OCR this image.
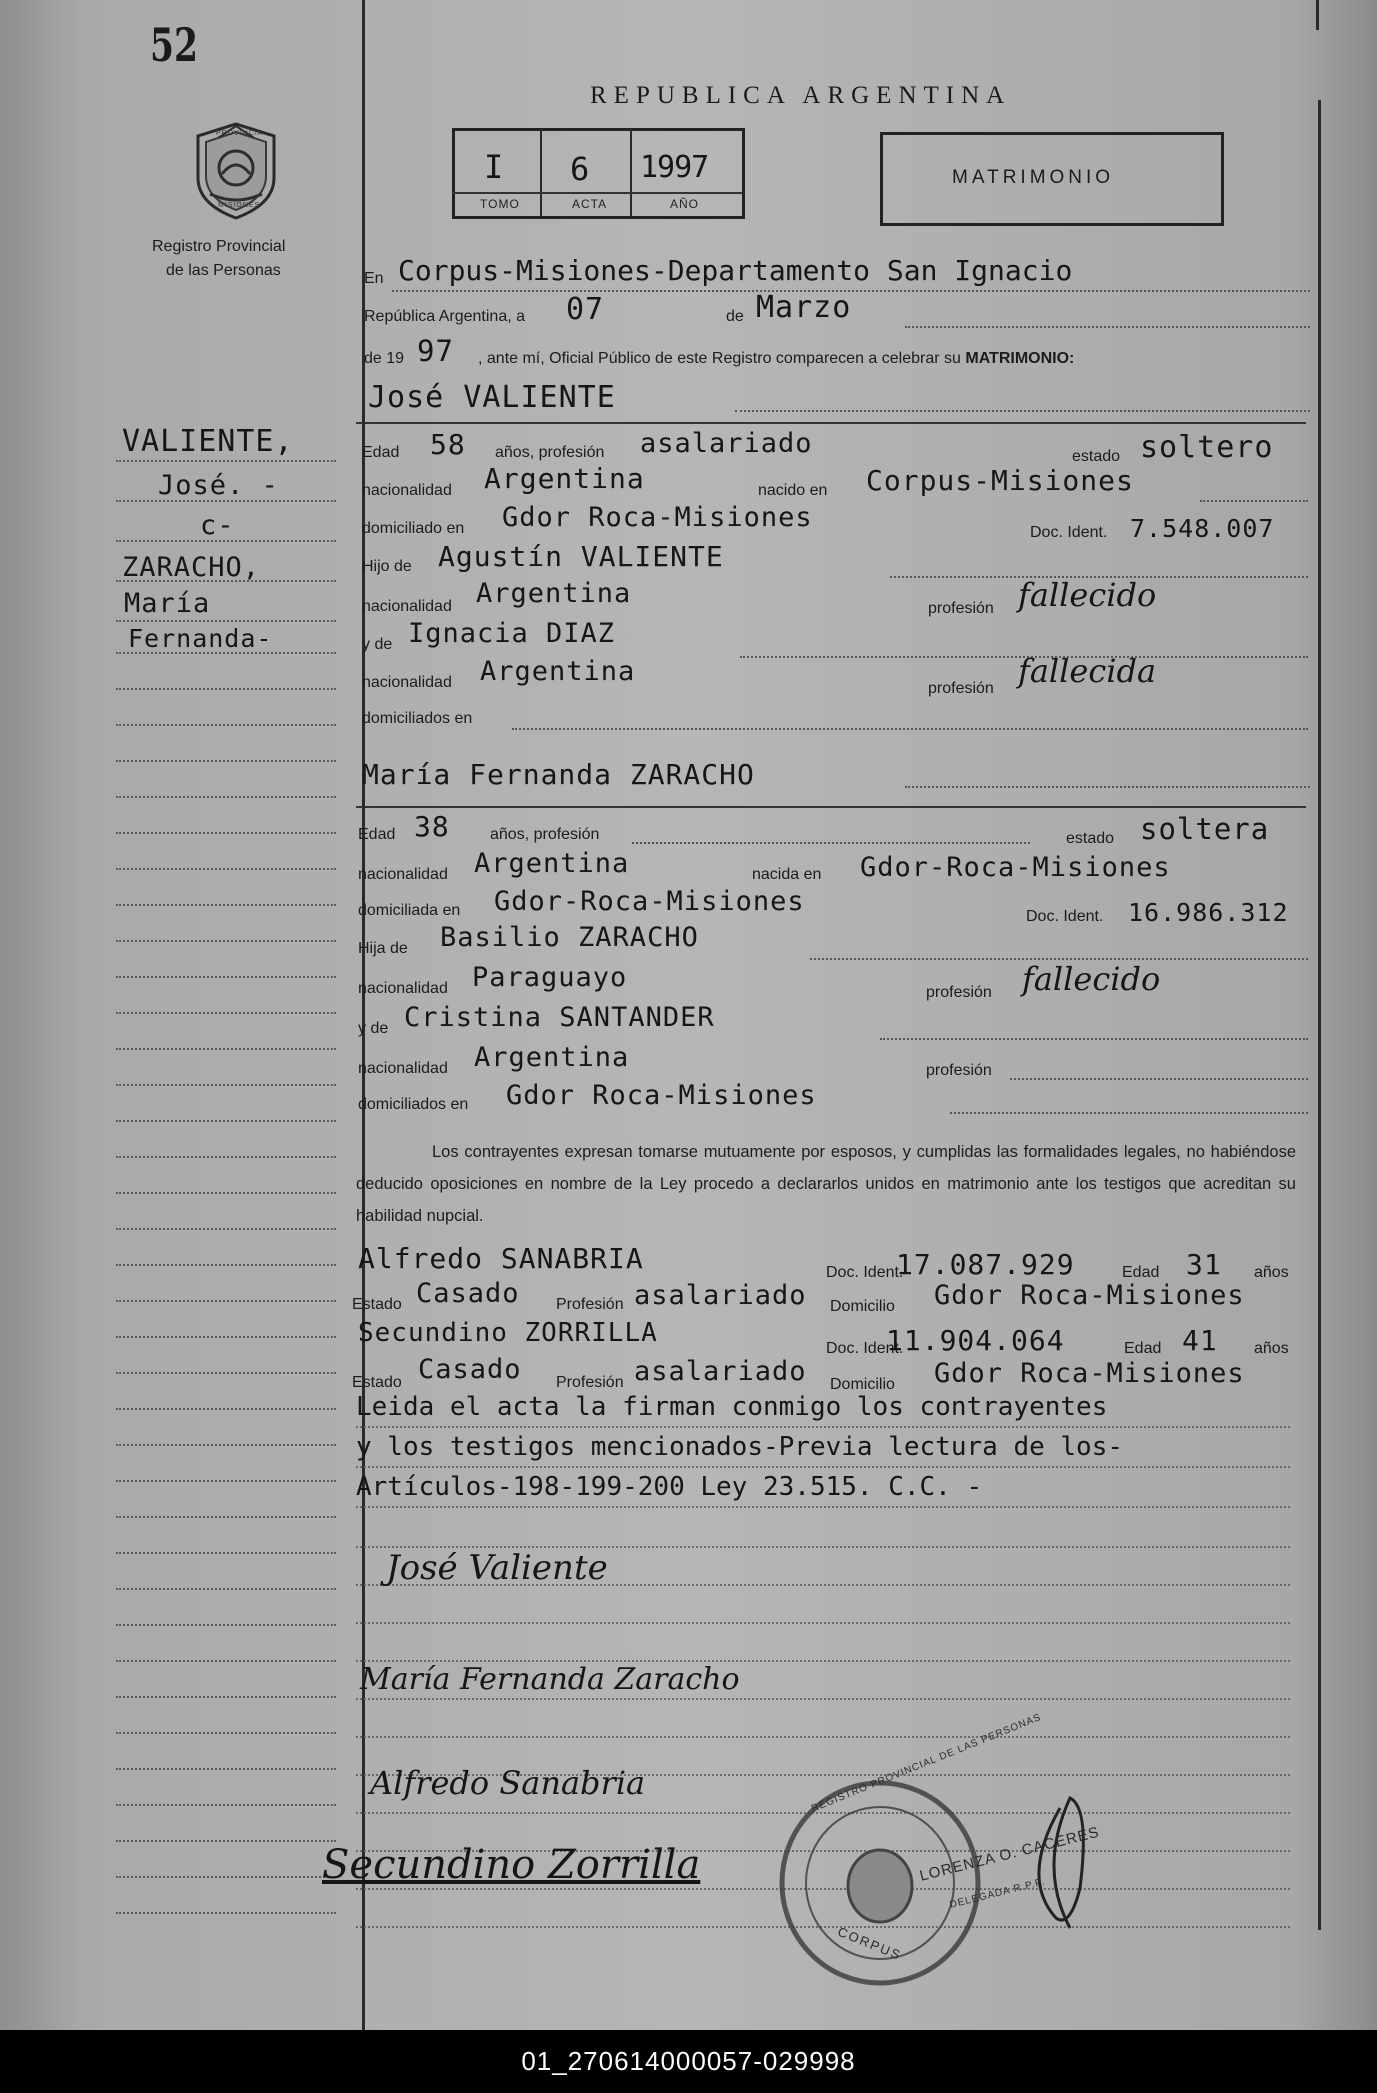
52
PROVINCIA
MISIONES
Registro Provincial
de las Personas
REPUBLICA ARGENTINA
I 6 1997
TOMO	ACTA	AÑO
MATRIMONIO
VALIENTE,
José. -
c-
ZARACHO,
María
Fernanda-
En Corpus-Misiones-Departamento San Ignacio
República Argentina, a 07	de Marzo
de 19 97 , ante mí, Oficial Público de este Registro comparecen a celebrar su MATRIMONIO:
José VALIENTE
Edad 58 años, profesión asalariado	estado soltero
nacionalidad Argentina	nacido en Corpus-Misiones
domiciliado en Gdor Roca-Misiones	Doc. Ident. 7.548.007
Hijo de Agustín VALIENTE
nacionalidad Argentina	profesión fallecido
y de Ignacia DIAZ
nacionalidad Argentina
profesión fallecida
domiciliados en
María Fernanda ZARACHO
Edad 38	años, profesión	estado soltera
nacionalidad Argentina	nacida en Gdor-Roca-Misiones
domiciliada en Gdor-Roca-Misiones	Doc. Ident. 16.986.312
Hija de Basilio ZARACHO
nacionalidad Paraguayo	profesión fallecido
y de Cristina SANTANDER
nacionalidad Argentina	profesión
domiciliados en Gdor Roca-Misiones
Los contrayentes expresan tomarse mutuamente por esposos, y cumplidas las formalidades legales, no habiéndose deducido oposiciones en nombre de la Ley procedo a declararlos unidos en matrimonio ante los testigos que acreditan su habilidad nupcial.
Alfredo SANABRIA	Doc. Ident.
17.087.929	Edad 31 años
Estado Casado Profesión asalariado Domicilio Gdor Roca-Misiones
Secundino ZORRILLA
Doc. Ident.
11.904.064	Edad 41 años
Estado Casado Profesión asalariado Domicilio Gdor Roca-Misiones
Leida el acta la firman conmigo los contrayentes
y los testigos mencionados-Previa lectura de los-
Artículos-198-199-200 Ley 23.515. C.C. -
José Valiente
María Fernanda Zaracho
Alfredo Sanabria
Secundino Zorrilla
REGISTRO PROVINCIAL DE LAS PERSONAS
CORPUS
LORENZA O. CACERES
DELEGADA R.P.P.
01_270614000057-029998
